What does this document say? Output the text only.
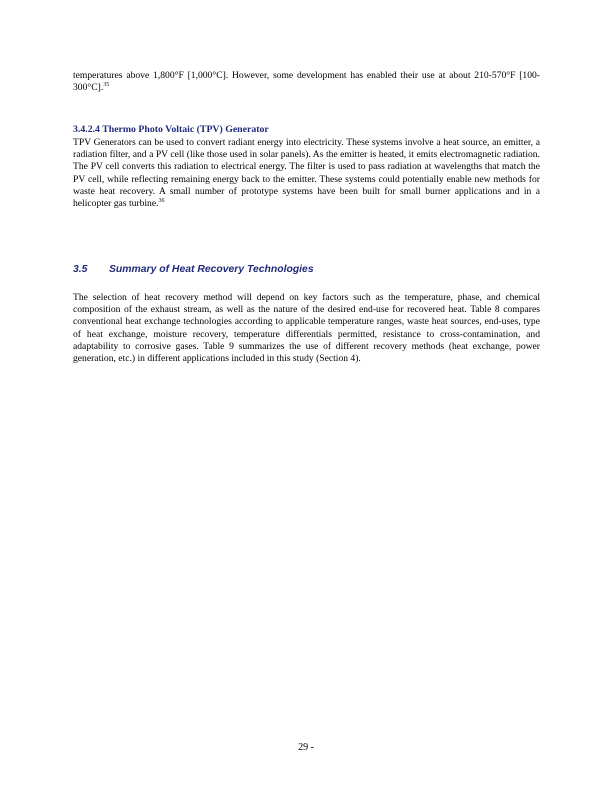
temperatures above 1,800°F [1,000°C]. However, some development has enabled their use at about 210-570°F [100-300°C].$^{35}$

3.4.2.4 Thermo Photo Voltaic (TPV) Generator

TPV Generators can be used to convert radiant energy into electricity. These systems involve a heat source, an emitter, a radiation filter, and a PV cell (like those used in solar panels). As the emitter is heated, it emits electromagnetic radiation. The PV cell converts this radiation to electrical energy. The filter is used to pass radiation at wavelengths that match the PV cell, while reflecting remaining energy back to the emitter. These systems could potentially enable new methods for waste heat recovery. A small number of prototype systems have been built for small burner applications and in a helicopter gas turbine.$^{36}$

3.5 Summary of Heat Recovery Technologies

The selection of heat recovery method will depend on key factors such as the temperature, phase, and chemical composition of the exhaust stream, as well as the nature of the desired end-use for recovered heat. Table 8 compares conventional heat exchange technologies according to applicable temperature ranges, waste heat sources, end-uses, type of heat exchange, moisture recovery, temperature differentials permitted, resistance to cross-contamination, and adaptability to corrosive gases. Table 9 summarizes the use of different recovery methods (heat exchange, power generation, etc.) in different applications included in this study (Section 4).

29 -
